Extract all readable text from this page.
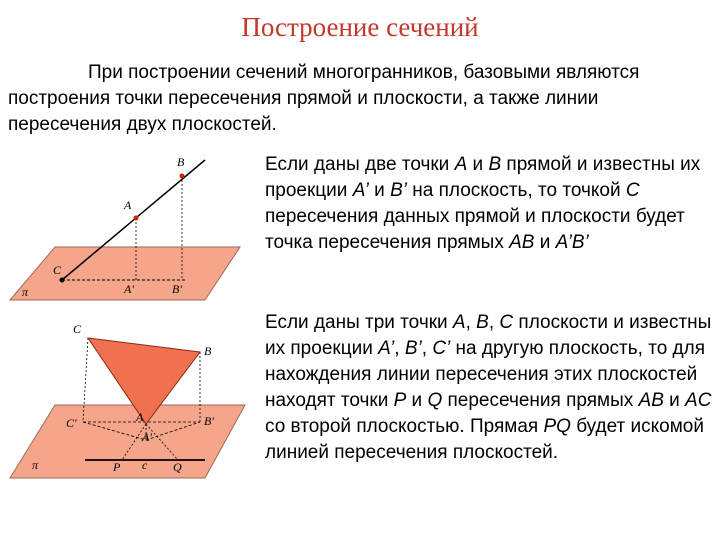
Построение сечений
При построении сечений многогранников, базовыми являются построения точки пересечения прямой и плоскости, а также линии пересечения двух плоскостей.
Если даны две точки A и B прямой и известны их проекции A’ и B’ на плоскость, то точкой C пересечения данных прямой и плоскости будет точка пересечения прямых AB и A’B’
Если даны три точки A, B, C плоскости и известны их проекции A’, B’, C’ на другую плоскость, то для нахождения линии пересечения этих плоскостей находят точки P и Q пересечения прямых AB и AC со второй плоскостью. Прямая PQ будет искомой линией пересечения плоскостей.
B
A
C
A'	B'
π
C
B
C'	A
A'
B'
P c Q
π
